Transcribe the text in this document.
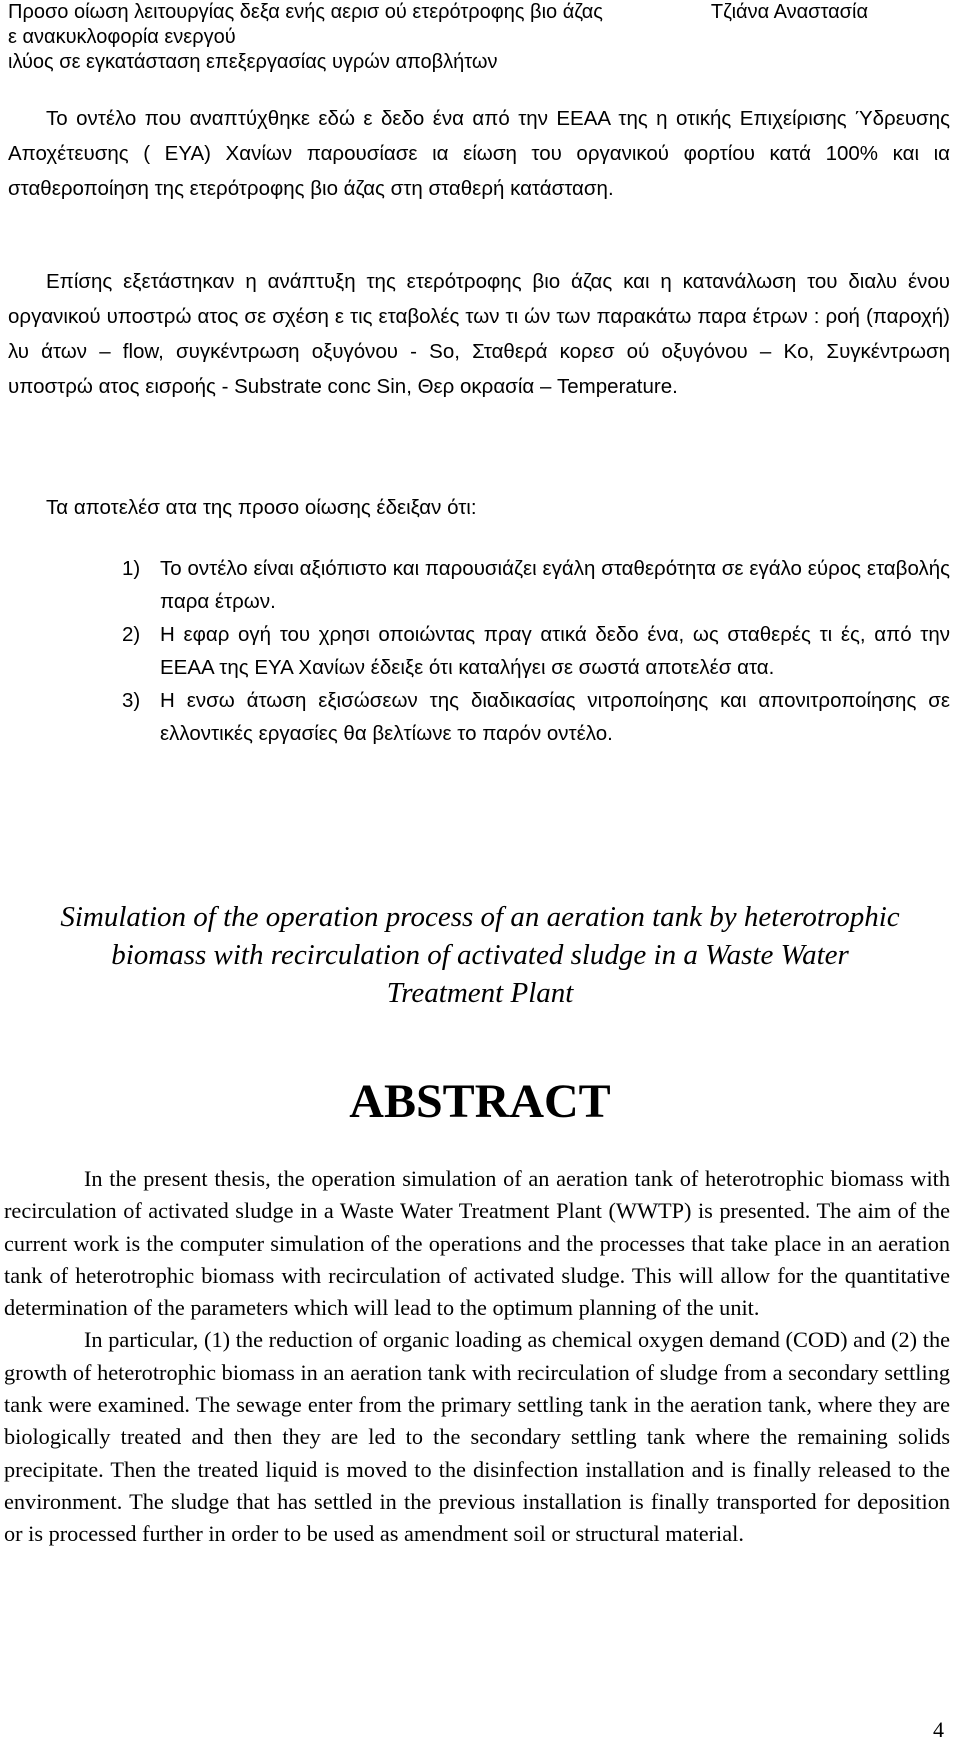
Προσο οίωση λειτουργίας δεξα ενής αερισ ού ετερότροφης βιο άζας	Τζιάνα Αναστασία
ε ανακυκλοφορία ενεργού
ιλύος σε εγκατάσταση επεξεργασίας υγρών αποβλήτων

Το οντέλο που αναπτύχθηκε εδώ ε δεδο ένα από την ΕΕΑΑ της η οτικής Επιχείρισης Ύδρευσης Αποχέτευσης ( ΕΥΑ) Χανίων παρουσίασε ια είωση του οργανικού φορτίου κατά 100% και ια σταθεροποίηση της ετερότροφης βιο άζας στη σταθερή κατάσταση.

Επίσης εξετάστηκαν η ανάπτυξη της ετερότροφης βιο άζας και η κατανάλωση του διαλυ ένου οργανικού υποστρώ ατος σε σχέση ε τις εταβολές των τι ών των παρακάτω παρα έτρων : ροή (παροχή) λυ άτων – flow, συγκέντρωση οξυγόνου - So, Σταθερά κορεσ ού οξυγόνου – Ko, Συγκέντρωση υποστρώ ατος εισροής - Substrate conc Sin, Θερ οκρασία – Temperature.

Τα αποτελέσ ατα της προσο οίωσης έδειξαν ότι:

1) Το οντέλο είναι αξιόπιστο και παρουσιάζει εγάλη σταθερότητα σε εγάλο εύρος εταβολής παρα έτρων.
2) Η εφαρ ογή του χρησι οποιώντας πραγ ατικά δεδο ένα, ως σταθερές τι ές, από την ΕΕΑΑ της ΕΥΑ Χανίων έδειξε ότι καταλήγει σε σωστά αποτελέσ ατα.
3) Η ενσω άτωση εξισώσεων της διαδικασίας νιτροποίησης και απονιτροποίησης σε ελλοντικές εργασίες θα βελτίωνε το παρόν οντέλο.
Simulation of the operation process of an aeration tank by heterotrophic
biomass with recirculation of activated sludge in a Waste Water
Treatment Plant
ABSTRACT

In the present thesis, the operation simulation of an aeration tank of heterotrophic biomass with recirculation of activated sludge in a Waste Water Treatment Plant (WWTP) is presented. The aim of the current work is the computer simulation of the operations and the processes that take place in an aeration tank of heterotrophic biomass with recirculation of activated sludge. This will allow for the quantitative determination of the parameters which will lead to the optimum planning of the unit.

In particular, (1) the reduction of organic loading as chemical oxygen demand (COD) and (2) the growth of heterotrophic biomass in an aeration tank with recirculation of sludge from a secondary settling tank were examined. The sewage enter from the primary settling tank in the aeration tank, where they are biologically treated and then they are led to the secondary settling tank where the remaining solids precipitate. Then the treated liquid is moved to the disinfection installation and is finally released to the environment. The sludge that has settled in the previous installation is finally transported for deposition or is processed further in order to be used as amendment soil or structural material.

4
